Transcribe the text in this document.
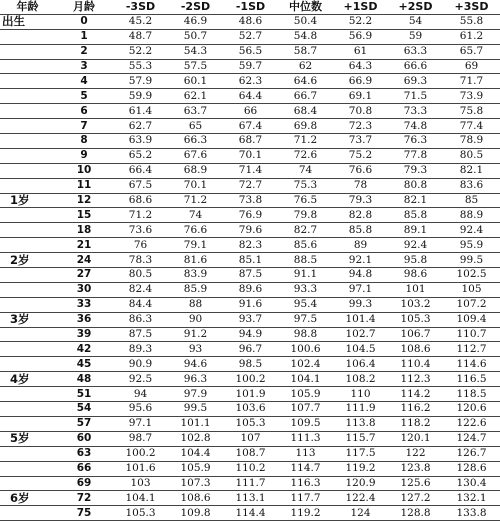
年龄	月龄	-3SD	-2SD	-1SD	中位数	+1SD	+2SD	+3SD
出生	0	45.2	46.9	48.6	50.4	52.2	54	55.8
	1	48.7	50.7	52.7	54.8	56.9	59	61.2
	2	52.2	54.3	56.5	58.7	61	63.3	65.7
	3	55.3	57.5	59.7	62	64.3	66.6	69
	4	57.9	60.1	62.3	64.6	66.9	69.3	71.7
	5	59.9	62.1	64.4	66.7	69.1	71.5	73.9
	6	61.4	63.7	66	68.4	70.8	73.3	75.8
	7	62.7	65	67.4	69.8	72.3	74.8	77.4
	8	63.9	66.3	68.7	71.2	73.7	76.3	78.9
	9	65.2	67.6	70.1	72.6	75.2	77.8	80.5
	10	66.4	68.9	71.4	74	76.6	79.3	82.1
	11	67.5	70.1	72.7	75.3	78	80.8	83.6
1岁	12	68.6	71.2	73.8	76.5	79.3	82.1	85
	15	71.2	74	76.9	79.8	82.8	85.8	88.9
	18	73.6	76.6	79.6	82.7	85.8	89.1	92.4
	21	76	79.1	82.3	85.6	89	92.4	95.9
2岁	24	78.3	81.6	85.1	88.5	92.1	95.8	99.5
	27	80.5	83.9	87.5	91.1	94.8	98.6	102.5
	30	82.4	85.9	89.6	93.3	97.1	101	105
	33	84.4	88	91.6	95.4	99.3	103.2	107.2
3岁	36	86.3	90	93.7	97.5	101.4	105.3	109.4
	39	87.5	91.2	94.9	98.8	102.7	106.7	110.7
	42	89.3	93	96.7	100.6	104.5	108.6	112.7
	45	90.9	94.6	98.5	102.4	106.4	110.4	114.6
4岁	48	92.5	96.3	100.2	104.1	108.2	112.3	116.5
	51	94	97.9	101.9	105.9	110	114.2	118.5
	54	95.6	99.5	103.6	107.7	111.9	116.2	120.6
	57	97.1	101.1	105.3	109.5	113.8	118.2	122.6
5岁	60	98.7	102.8	107	111.3	115.7	120.1	124.7
	63	100.2	104.4	108.7	113	117.5	122	126.7
	66	101.6	105.9	110.2	114.7	119.2	123.8	128.6
	69	103	107.3	111.7	116.3	120.9	125.6	130.4
6岁	72	104.1	108.6	113.1	117.7	122.4	127.2	132.1
	75	105.3	109.8	114.4	119.2	124	128.8	133.8
